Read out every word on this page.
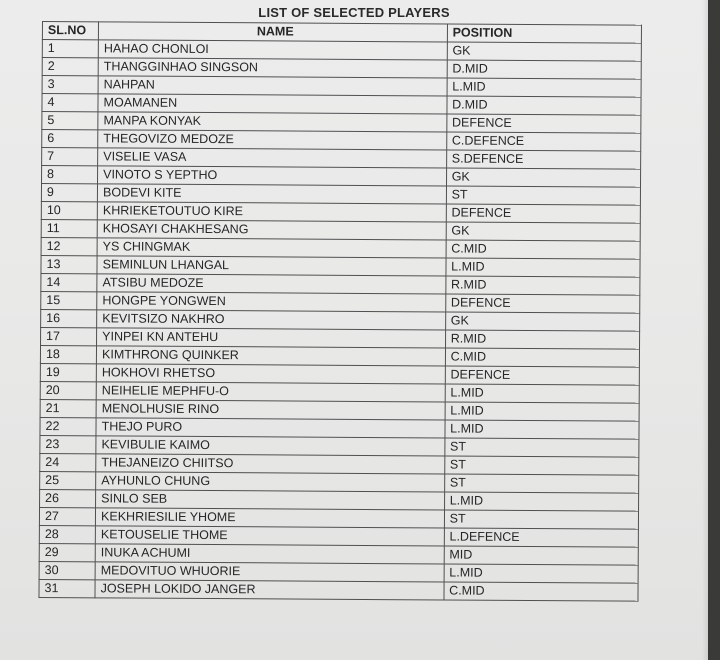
LIST OF SELECTED PLAYERS
SL.NO	NAME	POSITION
1	HAHAO CHONLOI	GK
2	THANGGINHAO SINGSON	D.MID
3	NAHPAN	L.MID
4	MOAMANEN	D.MID
5	MANPA KONYAK	DEFENCE
6	THEGOVIZO MEDOZE	C.DEFENCE
7	VISELIE VASA	S.DEFENCE
8	VINOTO S YEPTHO	GK
9	BODEVI KITE	ST
10	KHRIEKETOUTUO KIRE	DEFENCE
11	KHOSAYI CHAKHESANG	GK
12	YS CHINGMAK	C.MID
13	SEMINLUN LHANGAL	L.MID
14	ATSIBU MEDOZE	R.MID
15	HONGPE YONGWEN	DEFENCE
16	KEVITSIZO NAKHRO	GK
17	YINPEI KN ANTEHU	R.MID
18	KIMTHRONG QUINKER	C.MID
19	HOKHOVI RHETSO	DEFENCE
20	NEIHELIE MEPHFU-O	L.MID
21	MENOLHUSIE RINO	L.MID
22	THEJO PURO	L.MID
23	KEVIBULIE KAIMO	ST
24	THEJANEIZO CHIITSO	ST
25	AYHUNLO CHUNG	ST
26	SINLO SEB	L.MID
27	KEKHRIESILIE YHOME	ST
28	KETOUSELIE THOME	L.DEFENCE
29	INUKA ACHUMI	MID
30	MEDOVITUO WHUORIE	L.MID
31	JOSEPH LOKIDO JANGER	C.MID
